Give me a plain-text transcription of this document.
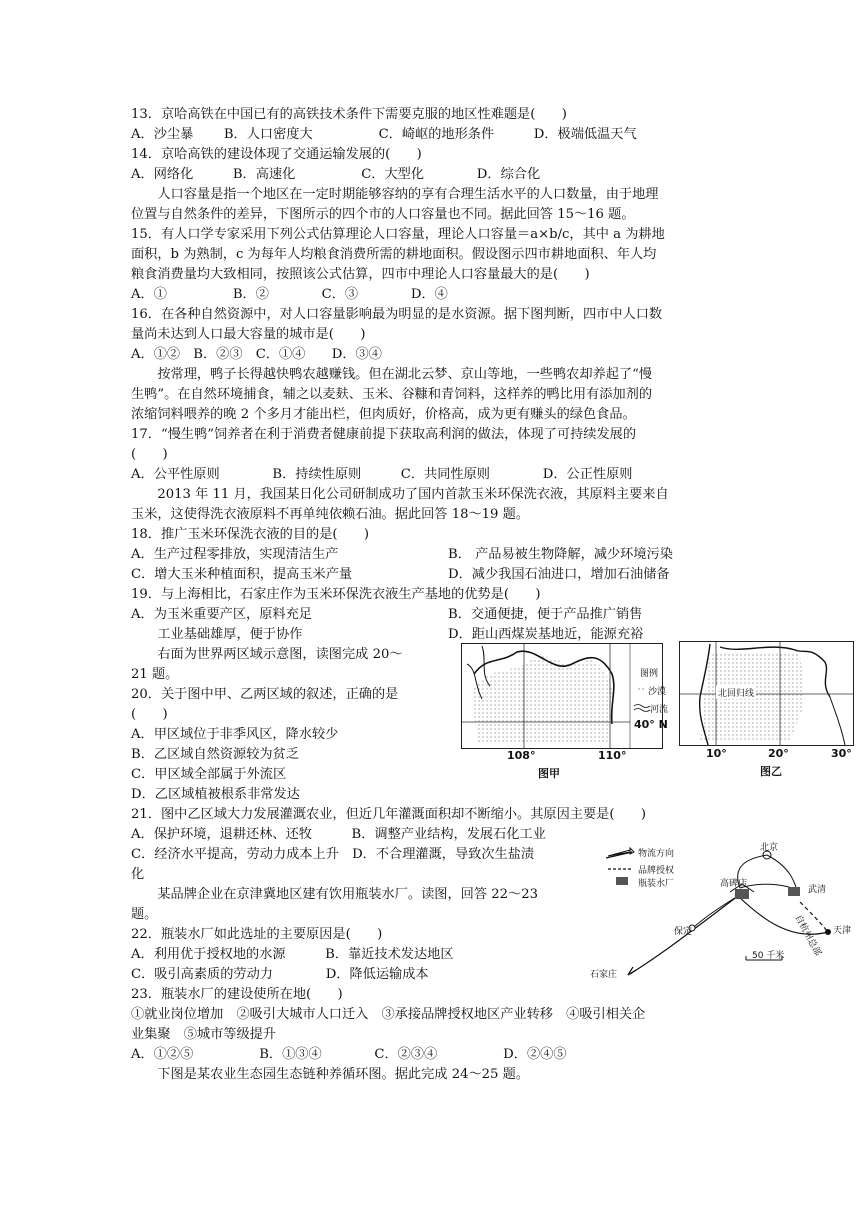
13．京哈高铁在中国已有的高铁技术条件下需要克服的地区性难题是(　　)
A．沙尘暴　　 B．人口密度大　　　　　C．崎岖的地形条件　　　D．极端低温天气
14．京哈高铁的建设体现了交通运输发展的(　　)
A．网络化　　　B．高速化　　　　　C．大型化　　　　D．综合化
　　人口容量是指一个地区在一定时期能够容纳的享有合理生活水平的人口数量，由于地理
位置与自然条件的差异，下图所示的四个市的人口容量也不同。据此回答 15～16 题。
15．有人口学专家采用下列公式估算理论人口容量，理论人口容量＝a×b/c，其中 a 为耕地
面积，b 为熟制，c 为每年人均粮食消费所需的耕地面积。假设图示四市耕地面积、年人均
粮食消费量均大致相同，按照该公式估算，四市中理论人口容量最大的是(　　)
A．①　　　　　B．②　　　　C．③　　　　D．④
16．在各种自然资源中，对人口容量影响最为明显的是水资源。据下图判断，四市中人口数
量尚未达到人口最大容量的城市是(　　)
A．①②　B．②③　C．①④　　D．③④
　　按常理，鸭子长得越快鸭农越赚钱。但在湖北云梦、京山等地，一些鸭农却养起了“慢
生鸭”。在自然环境捕食，辅之以麦麸、玉米、谷糠和青饲料，这样养的鸭比用有添加剂的
浓缩饲料喂养的晚 2 个多月才能出栏，但肉质好，价格高，成为更有赚头的绿色食品。
17．“慢生鸭”饲养者在利于消费者健康前提下获取高利润的做法，体现了可持续发展的
(　　)
A．公平性原则　　　　B．持续性原则　　　C．共同性原则　　　　D．公正性原则
　　2013 年 11 月，我国某日化公司研制成功了国内首款玉米环保洗衣液，其原料主要来自
玉米，这使得洗衣液原料不再单纯依赖石油。据此回答 18～19 题。
18．推广玉米环保洗衣液的目的是(　　)
A．生产过程零排放，实现清洁生产	B． 产品易被生物降解，减少环境污染
C．增大玉米种植面积，提高玉米产量	D．减少我国石油进口，增加石油储备
19．与上海相比，石家庄作为玉米环保洗衣液生产基地的优势是(　　)
A．为玉米重要产区，原料充足	B．交通便捷，便于产品推广销售
　　工业基础雄厚，便于协作	D．距山西煤炭基地近，能源充裕
　　右面为世界两区域示意图，读图完成 20～
21 题。
20．关于图中甲、乙两区域的叙述，正确的是
(　　)
A．甲区域位于非季风区，降水较少
B．乙区域自然资源较为贫乏
C．甲区域全部属于外流区
D．乙区域植被根系非常发达
21．图中乙区域大力发展灌溉农业，但近几年灌溉面积却不断缩小。其原因主要是(　　)
A．保护环境，退耕还林、还牧　　　B．调整产业结构，发展石化工业
C．经济水平提高，劳动力成本上升　D．不合理灌溉，导致次生盐渍
化
　　某品牌企业在京津冀地区建有饮用瓶装水厂。读图，回答 22～23
题。
22．瓶装水厂如此选址的主要原因是(　　)
A．利用优于授权地的水源　　　B．靠近技术发达地区
C．吸引高素质的劳动力　　　　D．降低运输成本
23．瓶装水厂的建设使所在地(　　)
①就业岗位增加　②吸引大城市人口迁入　③承接品牌授权地区产业转移　④吸引相关企
业集聚　⑤城市等级提升
A．①②⑤　　　　　B．①③④　　　　C．②③④　　　　　D．②④⑤
　　下图是某农业生态园生态链种养循环图。据此完成 24～25 题。
图例
沙漠
河流
40° N
108°	110°
图甲
北回归线
10°	20°	30°
图乙
物流方向
品牌授权
瓶装水厂
北京
高碑店
武清
天津
保定
石家庄
50 千米 自杭州总部
